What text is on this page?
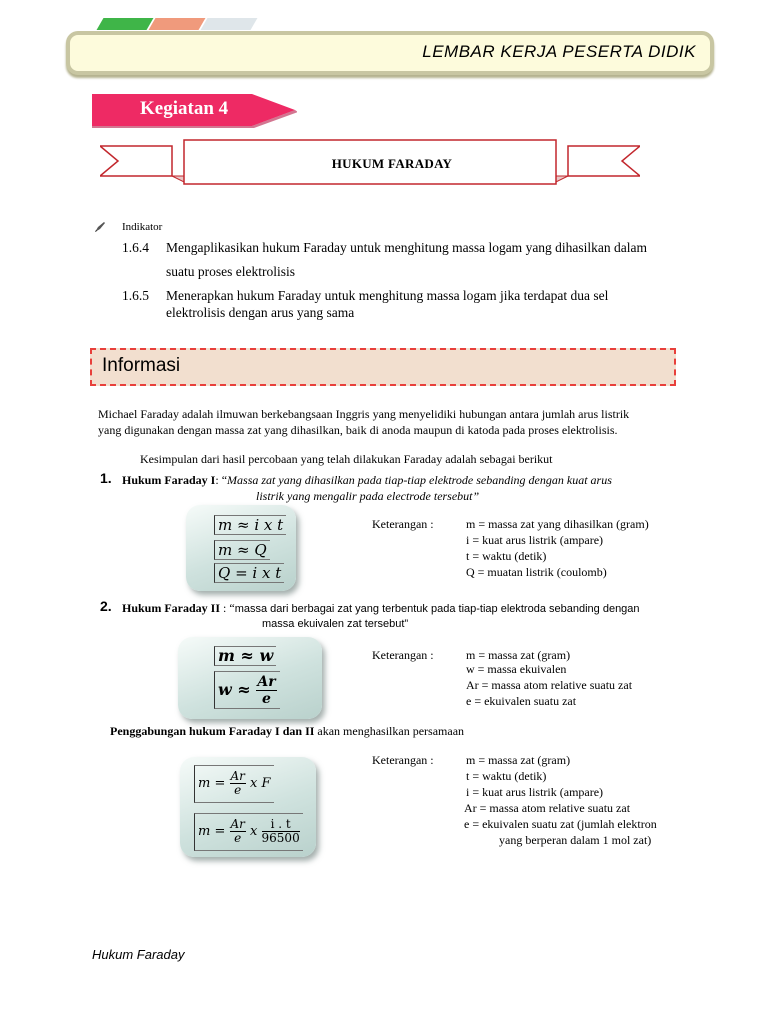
LEMBAR KERJA PESERTA DIDIK
Kegiatan 4
HUKUM FARADAY
Indikator
1.6.4 Mengaplikasikan hukum Faraday untuk menghitung massa logam yang dihasilkan dalam
suatu proses elektrolisis
1.6.5 Menerapkan hukum Faraday untuk menghitung massa logam jika terdapat dua sel
elektrolisis dengan arus yang sama
Informasi
Michael Faraday adalah ilmuwan berkebangsaan Inggris yang menyelidiki hubungan antara jumlah arus listrik
yang digunakan dengan massa zat yang dihasilkan, baik di anoda maupun di katoda pada proses elektrolisis.
Kesimpulan dari hasil percobaan yang telah dilakukan Faraday adalah sebagai berikut
1. Hukum Faraday I: “Massa zat yang dihasilkan pada tiap-tiap elektrode sebanding dengan kuat arus
listrik yang mengalir pada electrode tersebut”
m ≈ i x t
m ≈ Q
Q = i x t
Keterangan :	m = massa zat yang dihasilkan (gram)
i = kuat arus listrik (ampare)
t = waktu (detik)
Q = muatan listrik (coulomb)
2. Hukum Faraday II : “massa dari berbagai zat yang terbentuk pada tiap-tiap elektroda sebanding dengan
massa ekuivalen zat tersebut”
m ≈ w
$w \approx \frac{Ar}{e}$
Keterangan :	m = massa zat (gram)
w = massa ekuivalen
Ar = massa atom relative suatu zat
e = ekuivalen suatu zat
Penggabungan hukum Faraday I dan II akan menghasilkan persamaan
Keterangan :	m = massa zat (gram)
t = waktu (detik)
i = kuat arus listrik (ampare)
Ar = massa atom relative suatu zat
e = ekuivalen suatu zat (jumlah elektron
yang berperan dalam 1 mol zat)
$m = \frac{Ar}{e}$ x F
$m = \frac{Ar}{e}$ x $\frac{i . t}{96500}$
Hukum Faraday
